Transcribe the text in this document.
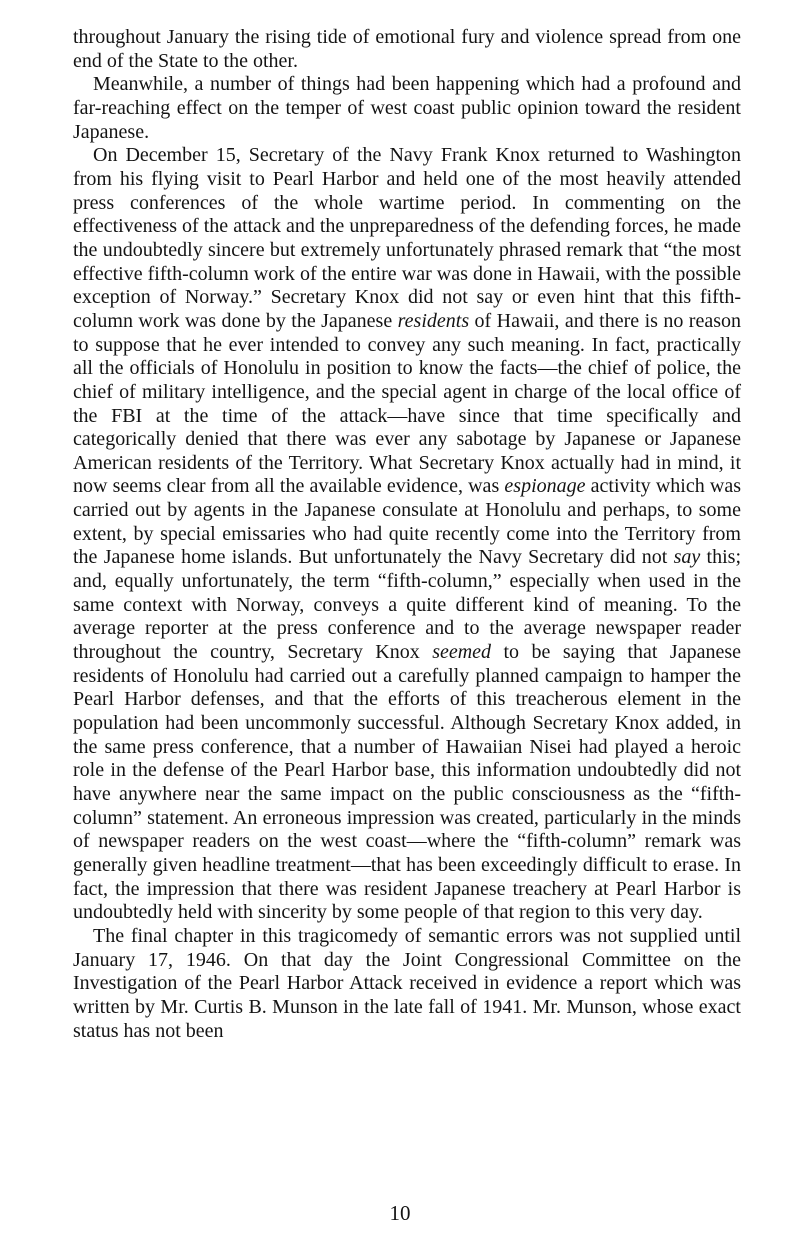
throughout January the rising tide of emotional fury and violence spread from one end of the State to the other.

Meanwhile, a number of things had been happening which had a profound and far-reaching effect on the temper of west coast public opinion toward the resident Japanese.

On December 15, Secretary of the Navy Frank Knox returned to Washington from his flying visit to Pearl Harbor and held one of the most heavily attended press conferences of the whole wartime period. In commenting on the effectiveness of the attack and the unpreparedness of the defending forces, he made the undoubtedly sincere but extremely unfortunately phrased remark that “the most effective fifth-column work of the entire war was done in Hawaii, with the possible exception of Norway.” Secretary Knox did not say or even hint that this fifth-column work was done by the Japanese residents of Hawaii, and there is no reason to suppose that he ever intended to convey any such meaning. In fact, practically all the officials of Honolulu in position to know the facts—the chief of police, the chief of military intelligence, and the special agent in charge of the local office of the FBI at the time of the attack—have since that time specifically and categorically denied that there was ever any sabotage by Japanese or Japanese American residents of the Territory. What Secretary Knox actually had in mind, it now seems clear from all the available evidence, was espionage activity which was carried out by agents in the Japanese consulate at Honolulu and perhaps, to some extent, by special emissaries who had quite recently come into the Territory from the Japanese home islands. But unfortunately the Navy Secretary did not say this; and, equally unfortunately, the term “fifth-column,” especially when used in the same context with Norway, conveys a quite different kind of meaning. To the average reporter at the press conference and to the average newspaper reader throughout the country, Secretary Knox seemed to be saying that Japanese residents of Honolulu had carried out a carefully planned campaign to hamper the Pearl Harbor defenses, and that the efforts of this treacherous element in the population had been uncommonly successful. Although Secretary Knox added, in the same press conference, that a number of Hawaiian Nisei had played a heroic role in the defense of the Pearl Harbor base, this information undoubtedly did not have anywhere near the same impact on the public consciousness as the “fifth-column” statement. An erroneous impression was created, particularly in the minds of newspaper readers on the west coast—where the “fifth-column” remark was generally given headline treatment—that has been exceedingly difficult to erase. In fact, the impression that there was resident Japanese treachery at Pearl Harbor is undoubtedly held with sincerity by some people of that region to this very day.

The final chapter in this tragicomedy of semantic errors was not supplied until January 17, 1946. On that day the Joint Congressional Committee on the Investigation of the Pearl Harbor Attack received in evidence a report which was written by Mr. Curtis B. Munson in the late fall of 1941. Mr. Munson, whose exact status has not been

10
